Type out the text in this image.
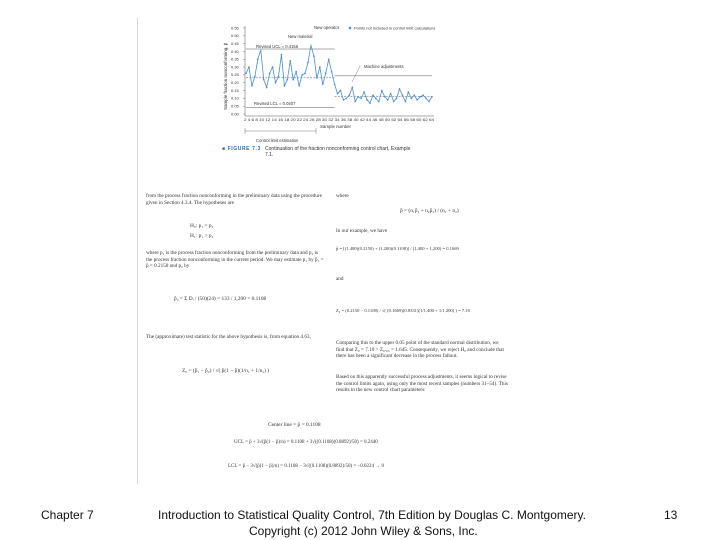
Sample fraction nonconforming, p̂
0.55
0.50
0.45
0.40
0.35
0.30
0.25
0.20
0.15
0.10
0.05
0.00
2 4 6 8 10 12 14 16 18 20 22 24 26 28 30 32 34 36 38 40 42 44 46 48 50 52 54 56 58 60 62 64
Sample number
New operator
New material
Revised UCL = 0.4156
Revised LCL = 0.0407
Machine adjustments
Points not included in control limit calculations
Control limit estimation
■ FIGURE 7.3 Continuation of the fraction nonconforming control chart, Example 7.1.
from the process fraction nonconforming in the preliminary data using the procedure given in Section 4.3.4. The hypotheses are
H₀: p₁ = p₂
H₁: p₁ > p₂
where p₁ is the process fraction nonconforming from the preliminary data and p₂ is the process fraction nonconforming in the current period. We may estimate p₁ by p̂₁ = p̄ = 0.2150 and p₂ by
p̂₂ = Σ Dᵢ / (50)(24) = 133 / 1,200 = 0.1108
The (approximate) test statistic for the above hypothesis is, from equation 4.63,
Z₀ = (p̂₁ − p̂₂) / √( p̂(1 − p̂)(1/n₁ + 1/n₂) )
where
p̂ = (n₁p̂₁ + n₂p̂₂) / (n₁ + n₂)
In our example, we have
p̂ = [(1,400)(0.2150) + (1,200)(0.1108)] / (1,400 + 1,200) = 0.1669
and
Z₀ = (0.2150 − 0.1108) / √( (0.1669)(0.8331)(1/1,400 + 1/1,200) ) = 7.10
Comparing this to the upper 0.05 point of the standard normal distribution, we find that Z₀ = 7.10 > Z₀.₀₅ = 1.645. Consequently, we reject H₀ and conclude that there has been a significant decrease in the process fallout.
Based on this apparently successful process adjustments, it seems logical to revise the control limits again, using only the most recent samples (numbers 31–54). This results in the new control chart parameters:
Center line = p̄ = 0.1108
UCL = p̄ + 3√(p̄(1 − p̄)/n) = 0.1108 + 3√((0.1108)(0.8892)/50) = 0.2440
LCL = p̄ − 3√(p̄(1 − p̄)/n) = 0.1108 − 3√((0.1108)(0.8892)/50) = −0.0224 → 0
Chapter 7	Introduction to Statistical Quality Control, 7th Edition by Douglas C. Montgomery.
Copyright (c) 2012 John Wiley & Sons, Inc.
13
